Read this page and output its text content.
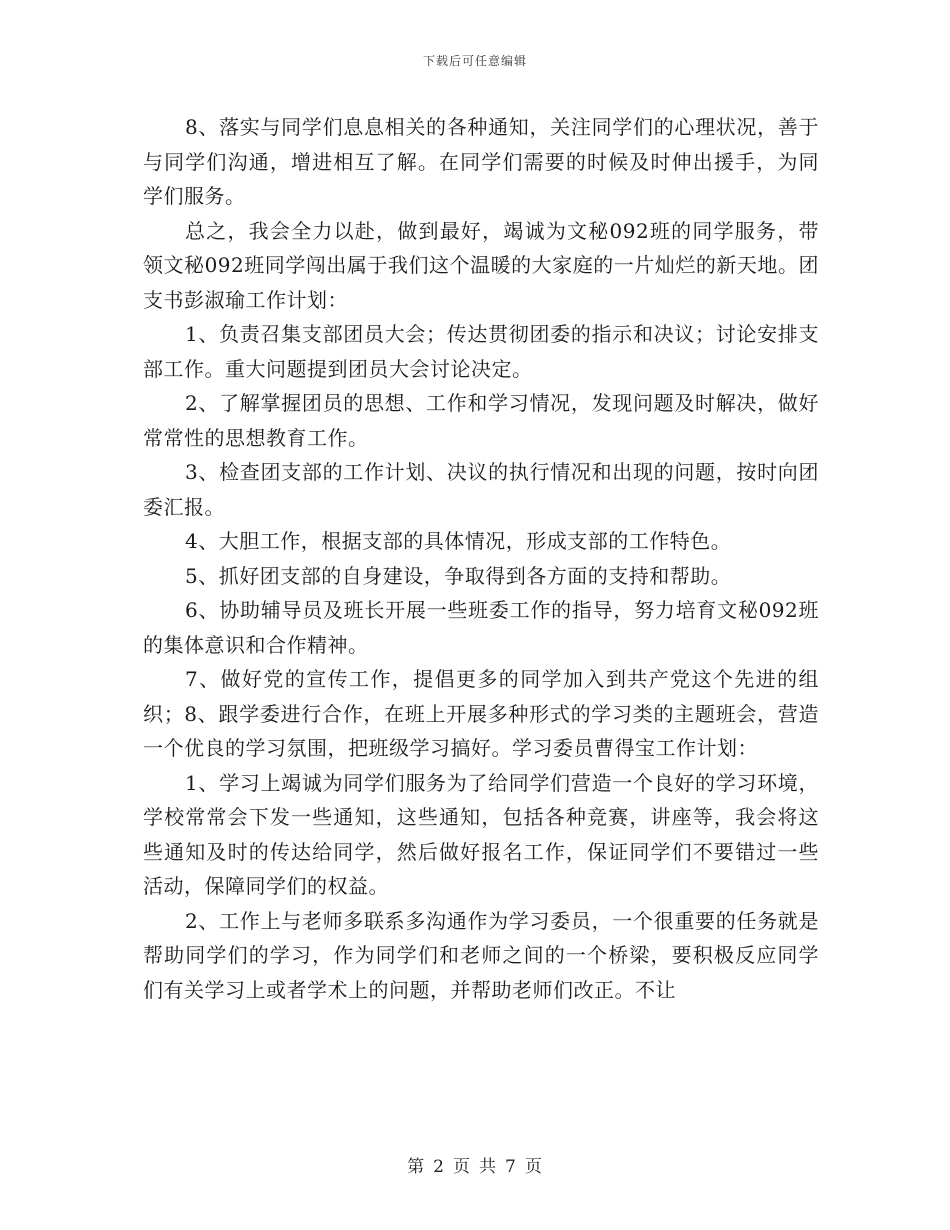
下载后可任意编辑

8、落实与同学们息息相关的各种通知，关注同学们的心理状况，善于与同学们沟通，增进相互了解。在同学们需要的时候及时伸出援手，为同学们服务。

总之，我会全力以赴，做到最好，竭诚为文秘092班的同学服务，带领文秘092班同学闯出属于我们这个温暖的大家庭的一片灿烂的新天地。团支书彭淑瑜工作计划：

1、负责召集支部团员大会；传达贯彻团委的指示和决议；讨论安排支部工作。重大问题提到团员大会讨论决定。

2、了解掌握团员的思想、工作和学习情况，发现问题及时解决，做好常常性的思想教育工作。

3、检查团支部的工作计划、决议的执行情况和出现的问题，按时向团委汇报。

4、大胆工作，根据支部的具体情况，形成支部的工作特色。

5、抓好团支部的自身建设，争取得到各方面的支持和帮助。

6、协助辅导员及班长开展一些班委工作的指导，努力培育文秘092班的集体意识和合作精神。

7、做好党的宣传工作，提倡更多的同学加入到共产党这个先进的组织；8、跟学委进行合作，在班上开展多种形式的学习类的主题班会，营造一个优良的学习氛围，把班级学习搞好。学习委员曹得宝工作计划：

1、学习上竭诚为同学们服务为了给同学们营造一个良好的学习环境，学校常常会下发一些通知，这些通知，包括各种竞赛，讲座等，我会将这些通知及时的传达给同学，然后做好报名工作，保证同学们不要错过一些活动，保障同学们的权益。

2、工作上与老师多联系多沟通作为学习委员，一个很重要的任务就是帮助同学们的学习，作为同学们和老师之间的一个桥梁，要积极反应同学们有关学习上或者学术上的问题，并帮助老师们改正。不让

第 2 页 共 7 页
